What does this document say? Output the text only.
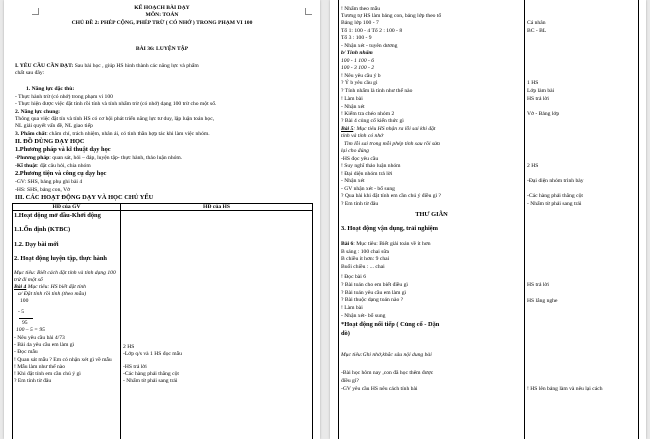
KẾ HOẠCH BÀI DẠY
MÔN: TOÁN
CHỦ ĐỀ 2: PHÉP CỘNG, PHÉP TRỪ ( CÓ NHỚ ) TRONG PHẠM VI 100
BÀI 36: LUYỆN TẬP
I. YÊU CẦU CẦN ĐẠT: Sau bài học , giúp HS hình thành các năng lực và phẩm
chất sau đây:
1. Năng lực đặc thù:
- Thực hành trừ (có nhớ) trong phạm vi 100
- Thực hiện được việc đặt tính rồi tính và tính nhẩm trừ (có nhớ) dạng 100 trừ cho một số.
2. Năng lực chung:
Thông qua việc đặt tín và tính HS có cơ hội phát triển năng lực tư duy, lập luận toán học,
NL giải quyết vấn đề, NL giao tiếp
3. Phẩm chất: chăm chỉ, trách nhiệm, nhân ái, có tinh thần hợp tác khi làm việc nhóm.
II. ĐỒ DÙNG DẠY HỌC
1.Phương pháp và kĩ thuật dạy học
-Phương pháp: quan sát, hỏi – đáp, luyện tập- thực hành, thảo luận nhóm.
-Kĩ thuật: đặt câu hỏi, chia nhóm
2.Phương tiện và công cụ dạy học
-GV: SHS, bảng phụ ghi bài 4
-HS: SHS, bảng con, Vở
III. CÁC HOẠT ĐỘNG DẠY VÀ HỌC CHỦ YẾU
HĐ của GV	HĐ của HS
1.Hoạt động mở đầu-Khởi động
1.1.Ổn định (KTBC)
1.2. Dạy bài mới
2. Hoạt động luyện tập, thực hành
Mục tiêu: Biết cách đặt tính và tính dạng 100
trừ đi một số
Bài 4 Mục tiêu: HS biết đặt tính
a/ Đặt tính rồi tính (theo mẫu)
100
- 5
95
100 – 5 = 95
- Nêu yêu cầu bài 4/73
- Bài 4a yêu cầu em làm gì
- Đọc mẫu
! Quan sát mẫu ? Em có nhận xét gì về mẫu
! Mẫu làm như thế nào
! Khi đặt tính em cần chú ý gì
? Em tính từ đâu
2 HS
-Lớp q/s và 1 HS đọc mẫu
-HS trả lời
-Các hàng phải thẳng cột
- Nhẩm từ phải sang trái
! Nhẩm theo mẫu
Tương tự HS làm bảng con, bảng lớp theo tổ
Bảng lớp 100 - 7
Tổ 1: 100 - 4 Tổ 2 : 100 - 8
Tổ 3 : 100 - 9
- Nhận xét - tuyên dương
b/ Tính nhẩm
100 - 1 100 - 6
100 - 3 100 - 2
! Nêu yêu cầu ý b
? Ý b yêu cầu gì
? Tính nhẩm là tính như thế nào
! Làm bài
- Nhận xét
! Kiểm tra chéo nhóm 2
? Bài 4 củng cố kiến thức gì
Bài 5: Mục tiêu HS nhận ra lỗi sai khi đặt
tính và tính có nhớ
Tìm lỗi sai trong mỗi phép tính sau rồi sửa
lại cho đúng
-HS đọc yêu cầu
! Suy nghĩ thảo luận nhóm
! Đại diện nhóm trả lời
- Nhận xét
- GV nhận xét - bổ sung
? Qua bài khi đặt tính em cần chú ý điều gì ?
? Em tính từ đâu
THƯ GIÃN
3. Hoạt động vận dụng, trải nghiệm
Bài 6: Mục tiêu: Biết giải toán về ít hơn
B sáng : 100 chai sữa
B chiều ít hơn: 9 chai
Buổi chiều : ... chai
! Đọc bài 6
? Bài toán cho em biết điều gì
? Bài toán yêu cầu em làm gì
? Bài thuộc dạng toán nào ?
! Làm bài
- Nhận xét- bổ sung
*Hoạt động nối tiếp ( Củng cố - Dặn
dò)
Mục tiêu:Ghi nhớ,khắc sâu nội dung bài
-Bài học hôm nay ,con đã học thêm được
điều gì?
-GV yêu cầu HS nêu cách tính bài
Cá nhân
BC - BL
1 HS
Lớp làm bài
HS trả lời
Vở - Bảng lớp
2 HS
-Đại diện nhóm trình bày
-Các hàng phải thẳng cột
- Nhẩm từ phải sang trái
HS trả lời
HS lắng nghe
! HS lên bảng làm và nêu lại cách
